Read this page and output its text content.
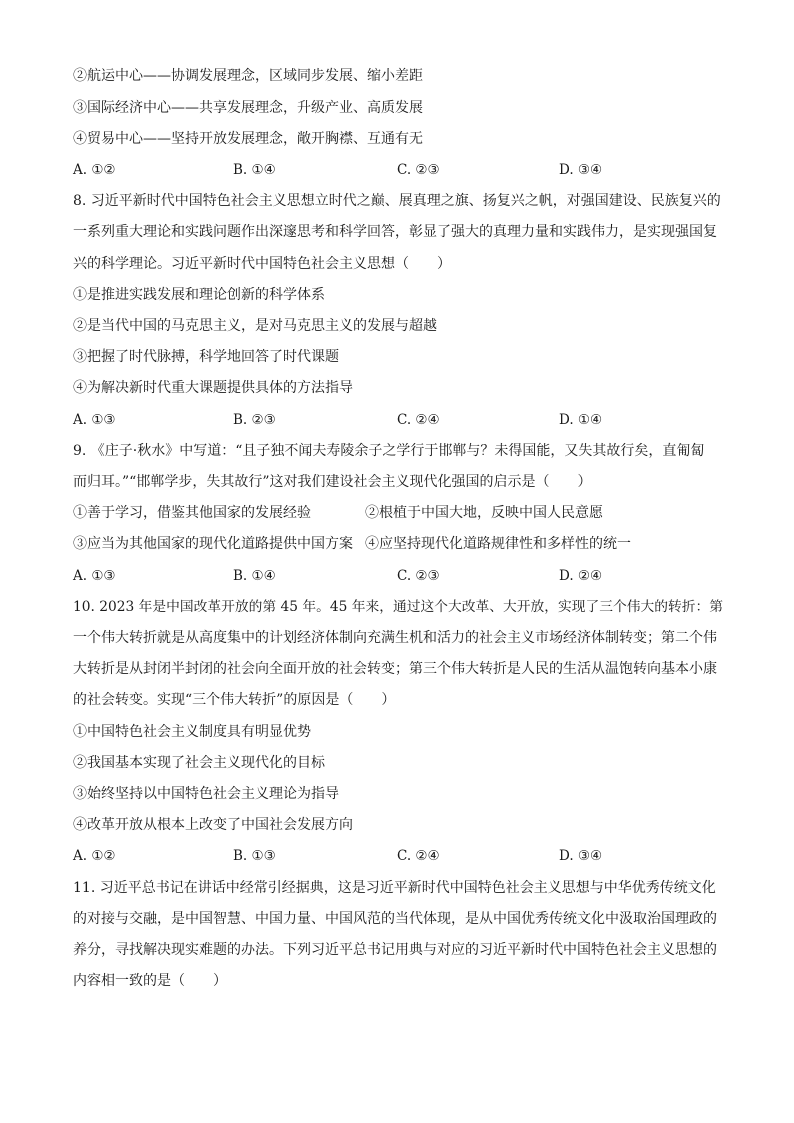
②航运中心——协调发展理念，区域同步发展、缩小差距
③国际经济中心——共享发展理念，升级产业、高质发展
④贸易中心——坚持开放发展理念，敞开胸襟、互通有无
A. ①②	B. ①④	C. ②③	D. ③④
8. 习近平新时代中国特色社会主义思想立时代之巅、展真理之旗、扬复兴之帆，对强国建设、民族复兴的
一系列重大理论和实践问题作出深邃思考和科学回答，彰显了强大的真理力量和实践伟力，是实现强国复
兴的科学理论。习近平新时代中国特色社会主义思想（　　）
①是推进实践发展和理论创新的科学体系
②是当代中国的马克思主义，是对马克思主义的发展与超越
③把握了时代脉搏，科学地回答了时代课题
④为解决新时代重大课题提供具体的方法指导
A. ①③	B. ②③	C. ②④	D. ①④
9. 《庄子·秋水》中写道：“且子独不闻夫寿陵余子之学行于邯郸与？未得国能，又失其故行矣，直匍匐
而归耳。”“邯郸学步，失其故行”这对我们建设社会主义现代化强国的启示是（　　）
①善于学习，借鉴其他国家的发展经验	②根植于中国大地，反映中国人民意愿
③应当为其他国家的现代化道路提供中国方案 ④应坚持现代化道路规律性和多样性的统一
A. ①③	B. ①④	C. ②③	D. ②④
10. 2023 年是中国改革开放的第 45 年。45 年来，通过这个大改革、大开放，实现了三个伟大的转折：第
一个伟大转折就是从高度集中的计划经济体制向充满生机和活力的社会主义市场经济体制转变；第二个伟
大转折是从封闭半封闭的社会向全面开放的社会转变；第三个伟大转折是人民的生活从温饱转向基本小康
的社会转变。实现“三个伟大转折”的原因是（　　）
①中国特色社会主义制度具有明显优势
②我国基本实现了社会主义现代化的目标
③始终坚持以中国特色社会主义理论为指导
④改革开放从根本上改变了中国社会发展方向
A. ①②	B. ①③	C. ②④	D. ③④
11. 习近平总书记在讲话中经常引经据典，这是习近平新时代中国特色社会主义思想与中华优秀传统文化
的对接与交融，是中国智慧、中国力量、中国风范的当代体现，是从中国优秀传统文化中汲取治国理政的
养分，寻找解决现实难题的办法。下列习近平总书记用典与对应的习近平新时代中国特色社会主义思想的
内容相一致的是（　　）
